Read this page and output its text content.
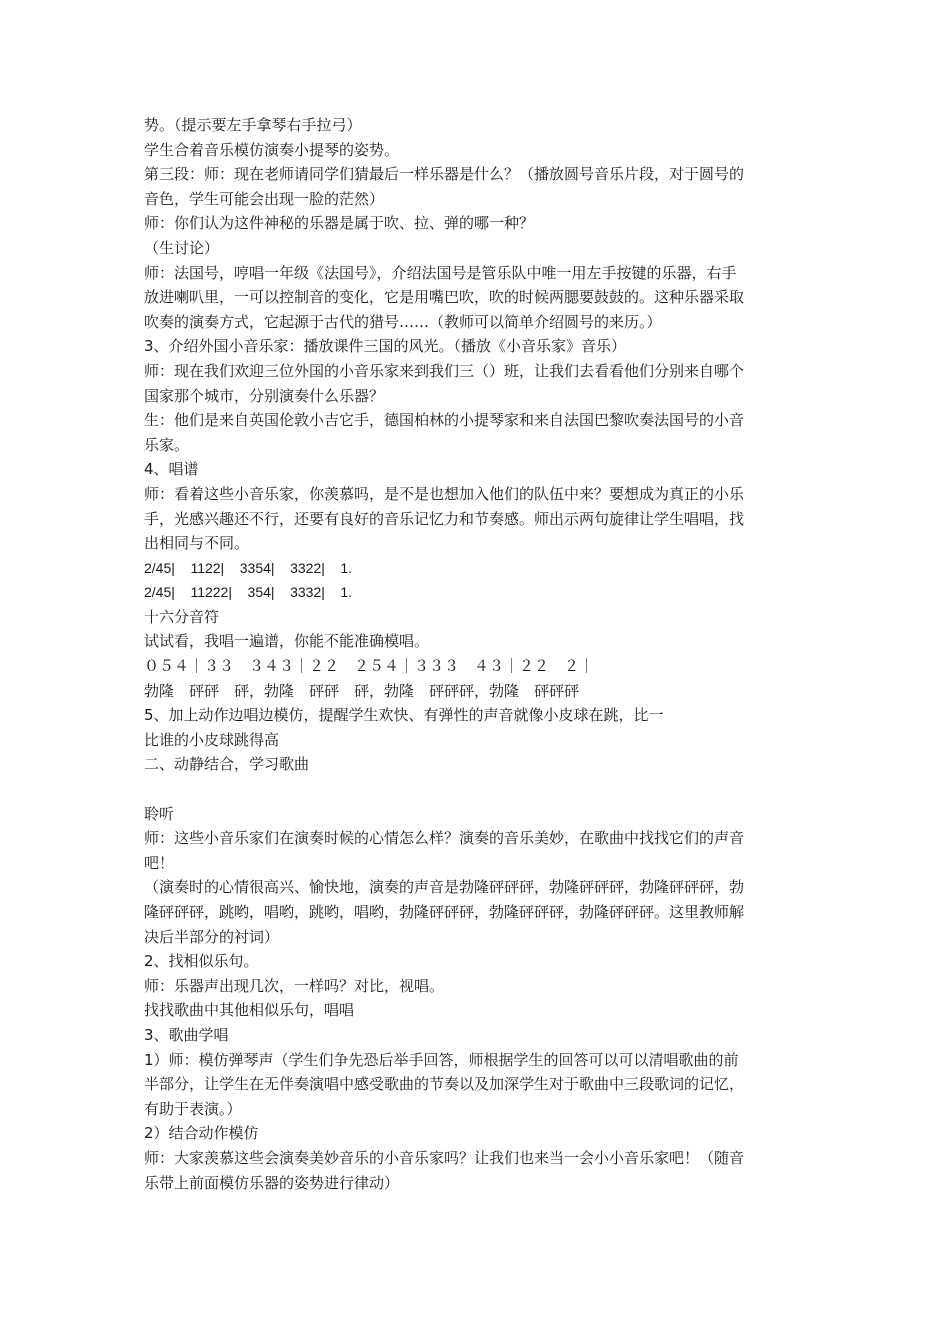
势。（提示要左手拿琴右手拉弓）
学生合着音乐模仿演奏小提琴的姿势。
第三段：师：现在老师请同学们猜最后一样乐器是什么？（播放圆号音乐片段，对于圆号的
音色，学生可能会出现一脸的茫然）
师：你们认为这件神秘的乐器是属于吹、拉、弹的哪一种？
（生讨论）
师：法国号，哼唱一年级《法国号》，介绍法国号是管乐队中唯一用左手按键的乐器，右手
放进喇叭里，一可以控制音的变化，它是用嘴巴吹，吹的时候两腮要鼓鼓的。这种乐器采取
吹奏的演奏方式，它起源于古代的猎号……（教师可以简单介绍圆号的来历。）
3、介绍外国小音乐家：播放课件三国的风光。（播放《小音乐家》音乐）
师：现在我们欢迎三位外国的小音乐家来到我们三（）班，让我们去看看他们分别来自哪个
国家那个城市，分别演奏什么乐器？
生：他们是来自英国伦敦小吉它手，德国柏林的小提琴家和来自法国巴黎吹奏法国号的小音
乐家。
4、唱谱
师：看着这些小音乐家，你羡慕吗，是不是也想加入他们的队伍中来？要想成为真正的小乐
手，光感兴趣还不行，还要有良好的音乐记忆力和节奏感。师出示两句旋律让学生唱唱，找
出相同与不同。
2/45|    1122|    3354|    3322|    1.
2/45|    11222|    354|    3332|    1.
十六分音符
试试看，我唱一遍谱，你能不能准确模唱。
０５４｜３３　３４３｜２２　２５４｜３３３　４３｜２２　２｜
勃隆　砰砰　砰，勃隆　砰砰　砰，勃隆　砰砰砰，勃隆　砰砰砰
5、加上动作边唱边模仿，提醒学生欢快、有弹性的声音就像小皮球在跳，比一
比谁的小皮球跳得高
二、动静结合，学习歌曲
聆听
师：这些小音乐家们在演奏时候的心情怎么样？演奏的音乐美妙，在歌曲中找找它们的声音
吧！
（演奏时的心情很高兴、愉快地，演奏的声音是勃隆砰砰砰，勃隆砰砰砰，勃隆砰砰砰，勃
隆砰砰砰，跳哟，唱哟，跳哟，唱哟，勃隆砰砰砰，勃隆砰砰砰，勃隆砰砰砰。这里教师解
决后半部分的衬词）
2、找相似乐句。
师：乐器声出现几次，一样吗？对比，视唱。
找找歌曲中其他相似乐句，唱唱
3、歌曲学唱
1）师：模仿弹琴声（学生们争先恐后举手回答，师根据学生的回答可以可以清唱歌曲的前
半部分，让学生在无伴奏演唱中感受歌曲的节奏以及加深学生对于歌曲中三段歌词的记忆，
有助于表演。）
2）结合动作模仿
师：大家羡慕这些会演奏美妙音乐的小音乐家吗？让我们也来当一会小小音乐家吧！（随音
乐带上前面模仿乐器的姿势进行律动）
